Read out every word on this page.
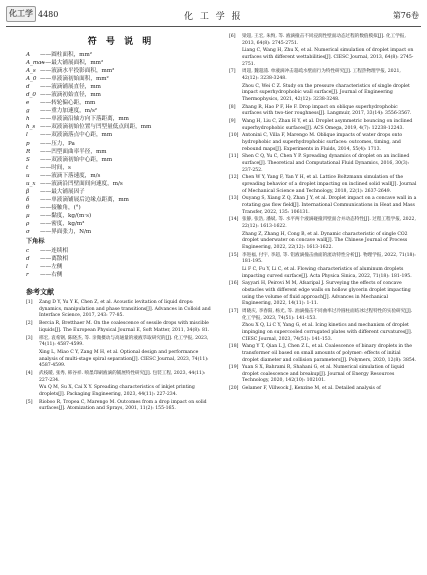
化工学 4480	化 工 学 报	第76卷
符 号 说 明
A ——圆柱面积，mm²
A_max——最大铺展面积，mm²
A_s ——液滴水平投影面积，mm²
A_0 ——单液滴初始面积，mm²
d ——液滴铺展直径，mm
d_0 ——液滴初始直径，mm
e ——转轮偏心距，mm
g ——重力加速度，m/s²
h ——单液滴沿轴方向下落距离，mm
h_s ——双液滴初始位置与凹型量低点间距，mm
l ——双液滴落点中心距，mm
p ——压力，Pa
R ——凹型面曲率半径，mm
S ——双液滴初始中心距，mm
t ——时间，s
u ——液滴下落速度，m/s
u_x ——液滴沿凹壁面间向速度，m/s
β ——最大铺展因子
δ ——单液滴铺展后边缘点距离，mm
θ ——接触角，(°)
μ ——黏度，kg/(m·s)
ρ ——密度，kg/m³
σ ——界面张力，N/m
下角标
c ——连续相
d ——离散相
l ——左侧
r ——右侧
参考文献
[1]	Zang D Y, Yu Y K, Chen Z, et al. Acoustic levitation of liquid drops: dynamics, manipulation and phase transitions[J]. Advances in Colloid and Interface Science, 2017, 243: 77-85.
[2]	Bercia R, Bretthaer M. On the coalescence of sessile drops with miscible liquids[J]. The European Physical Journal E, Soft Matter, 2011, 34(8): 81.
[3]	邢宏, 袁希钢, 陈晓杰, 等. 亲微摄动与高通量的液液萃取研究的[J]. 化工学报, 2023, 74(11): 4587-4599.
Xing L, Miao C Y, Zang M H, et al. Optional design and performance analysis of multi-stage spiral separation[J]. CIESC Journal, 2023, 74(11): 4587-4599.
[4]	武枝暖, 张秀, 韩谷祥. 喷墨印刷液滴的铺展特性研究[J]. 包装工程, 2023, 44(11): 227-234.
Wu Q M, Su X, Cai X Y. Spreading characteristics of inkjet printing droplets[J]. Packaging Engineering, 2023, 44(11): 227-234.
[5]	Rioboo R, Tropea C, Marengo M. Outcomes from a drop impact on solid surfaces[J]. Atomization and Sprays, 2001, 11(2): 155-165.
[6]	梁超, 王宏, 朱恂, 等. 液滴撞击不同浸润性壁面动态过程的数值模拟[J]. 化工学报, 2013, 64(8): 2745-2751.
Liang C, Wang H, Zhu X, et al. Numerical simulation of droplet impact on surfaces with different wettabilities[J]. CIESC Journal, 2013, 64(8): 2745-2751.
[7]	周超, 魏超浦. 单液滴冲击超疏水壁面行为特性研究[J]. 工程热物理学报, 2021, 42(12): 3238-3248.
Zhou C, Wei C Z. Study on the pressure characteristics of single droplet impact superhydrophobic wall surface[J]. Journal of Engineering Thermophysics, 2021, 42(12): 3238-3248.
[8]	Zhang R, Hao P F, He F. Drop impact on oblique superhydrophobic surfaces with two-tier roughness[J]. Langmuir, 2017, 33(14): 3556-3567.
[9]	Wang H, Liu C, Zhan H Y, et al. Droplet asymmetric bouncing on inclined superhydrophobic surfaces[J]. ACS Omega, 2019, 4(7): 12238-12243.
[10] Antonini C, Villa F, Marengo M. Oblique impacts of water drops onto hydrophobic and superhydrophobic surfaces: outcomes, timing, and rebound maps[J]. Experiments in Fluids, 2014, 55(4): 1713.
[11] Shen C Q, Yu C, Chen Y P. Spreading dynamics of droplet on an inclined surface[J]. Theoretical and Computational Fluid Dynamics, 2016, 30(3): 237-252.
[12] Chen W Y, Yang F, Yan Y H, et al. Lattice Boltzmann simulation of the spreading behavior of a droplet impacting on inclined solid wall[J]. Journal of Mechanical Science and Technology, 2018, 22(1): 2637-2649.
[13] Ouyang S, Xiang Z Q, Zhan J Y, et al. Droplet impact on a concave wall in a rotating gas flow field[J]. International Communications in Heat and Mass Transfer, 2022, 135: 106131.
[14] 张静, 张浩, 潘斌, 等. 水平两个液滴碰撞凹壁面合并动态特性[J]. 过程工程学报, 2022, 22(12): 1613-1622.
Zhang Z, Zhang H, Cong B, et al. Dynamic characteristic of single CO2 droplet underwater on concave wall[J]. The Chinese Journal of Process Engineering, 2022, 22(12): 1613-1622.
[15] 李进福, 付宇, 李超, 等. 铝液滴撞击曲面的流动特性分析[J]. 物理学报, 2022, 71(18): 181-195.
Li F C, Fu Y, Li C, et al. Flowing characteristics of aluminum droplets impacting curved surface[J]. Acta Physica Sinica, 2022, 71(18): 181-195.
[16] Sayyari H, Peirovi M M, Afsaripal J. Surveying the effects of concave obstacles with different edge walls on hollow glycerin droplet impacting using the volume of fluid approach[J]. Advances in Mechanical Engineering, 2022, 14(11): 1-11.
[17] 周晓庆, 李春阳, 杨光, 等. 油滴撞击不同曲率过冷圆柱面结冰过程特性的实验研究[J]. 化工学报, 2023, 74(51): 141-153.
Zhou X Q, Li C Y, Yang G, et al. Icing kinetics and mechanism of droplet impinging on supercooled corrugated plates with different curvatures[J]. CIESC Journal, 2023, 74(51): 141-153.
[18] Wang Y T, Qian L J, Chen Z L, et al. Coalescence of binary droplets in the transformer oil based on small amounts of polymer: effects of initial droplet diameter and collision parameters[J]. Polymers, 2020, 12(8): 3854.
[19] Yuan S X, Bahrami R, Shahani G, et al. Numerical simulation of liquid droplet coalescence and breakup[J]. Journal of Energy Resources Technology, 2020, 142(10): 102101.
[20] Gelamer F, Villwock J, Kenzine M, et al. Detailed analysis of
